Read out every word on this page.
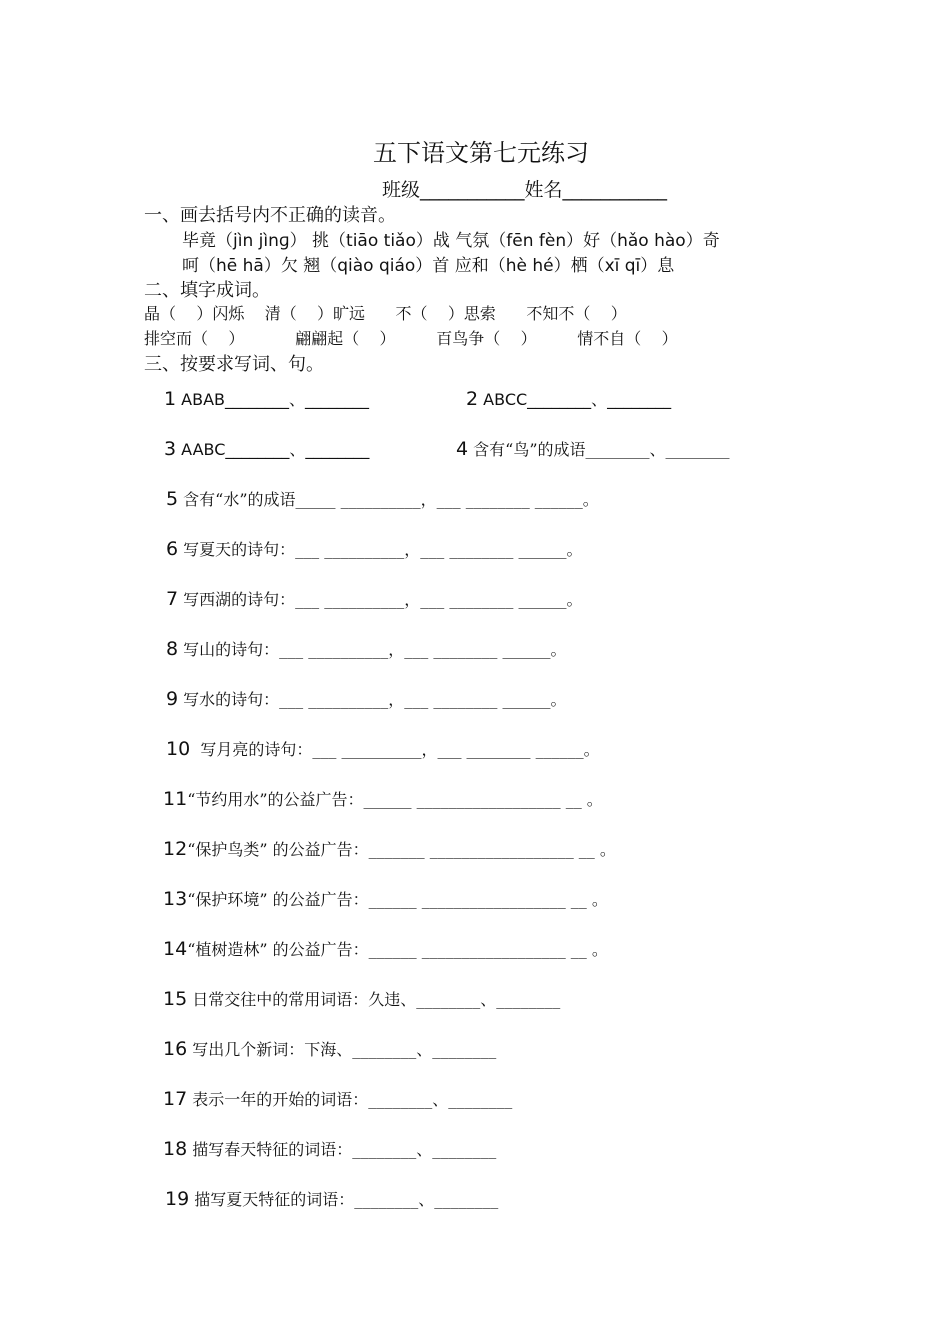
五下语文第七元练习
班级___________姓名___________
一、画去括号内不正确的读音。
毕竟（jìn jìnɡ） 挑（tiāo tiǎo）战 气氛（fēn fèn）好（hǎo hào）奇
呵（hē hā）欠 翘（qiào qiáo）首 应和（hè hé）栖（xī qī）息
二、填字成词。
晶（    ）闪烁    清（    ）旷远      不（    ）思索      不知不（    ）
排空而（    ）          翩翩起（    ）        百鸟争（    ）        情不自（    ）
三、按要求写词、句。
1 ABAB________、________	2 ABCC________、________
3 AABC________、________	4 含有“鸟”的成语________、________
5 含有“水”的成语_____ __________，___ ________ ______。
6 写夏天的诗句：___ __________，___ ________ ______。
7 写西湖的诗句：___ __________，___ ________ ______。
8 写山的诗句：___ __________，___ ________ ______。
9 写水的诗句：___ __________，___ ________ ______。
10  写月亮的诗句：___ __________，___ ________ ______。
11“节约用水”的公益广告：______ __________________ __ 。
12“保护鸟类” 的公益广告：_______ __________________ __ 。
13“保护环境” 的公益广告：______ __________________ __ 。
14“植树造林” 的公益广告：______ __________________ __ 。
15 日常交往中的常用词语：久违、________、________
16 写出几个新词：下海、________、________
17 表示一年的开始的词语：________、________
18 描写春天特征的词语：________、________
19 描写夏天特征的词语：________、________
